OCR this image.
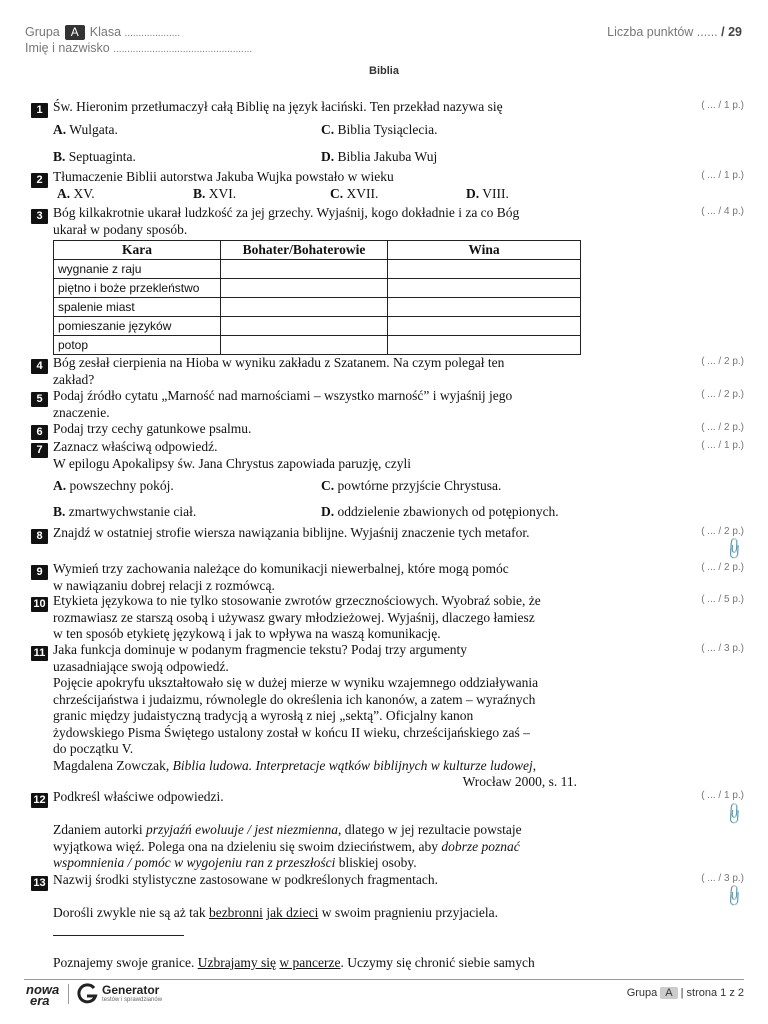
Grupa A Klasa ....................
Imię i nazwisko ..................................................
Liczba punktów ...... / 29
Biblia
1 Św. Hieronim przetłumaczył całą Biblię na język łaciński. Ten przekład nazywa się	( ... / 1 p.)
A. Wulgata.	C. Biblia Tysiąclecia.
B. Septuaginta.	D. Biblia Jakuba Wuj
2 Tłumaczenie Biblii autorstwa Jakuba Wujka powstało w wieku	( ... / 1 p.)
A. XV.	B. XVI.	C. XVII.	D. VIII.
3 Bóg kilkakrotnie ukarał ludzkość za jej grzechy. Wyjaśnij, kogo dokładnie i za co Bóg
ukarał w podany sposób.
( ... / 4 p.)
Kara	Bohater/Bohaterowie	Wina
wygnanie z raju		
piętno i boże przekleństwo		
spalenie miast		
pomieszanie języków		
potop		
4 Bóg zesłał cierpienia na Hioba w wyniku zakładu z Szatanem. Na czym polegał ten
zakład?
( ... / 2 p.)
5 Podaj źródło cytatu „Marność nad marnościami – wszystko marność” i wyjaśnij jego
znaczenie.
( ... / 2 p.)
6 Podaj trzy cechy gatunkowe psalmu.	( ... / 2 p.)
7 Zaznacz właściwą odpowiedź.
W epilogu Apokalipsy św. Jana Chrystus zapowiada paruzję, czyli
( ... / 1 p.)
A. powszechny pokój.	C. powtórne przyjście Chrystusa.
B. zmartwychwstanie ciał.	D. oddzielenie zbawionych od potępionych.
8 Znajdź w ostatniej strofie wiersza nawiązania biblijne. Wyjaśnij znaczenie tych metafor.	( ... / 2 p.)
📎
9 Wymień trzy zachowania należące do komunikacji niewerbalnej, które mogą pomóc
w nawiązaniu dobrej relacji z rozmówcą.
( ... / 2 p.)
10 Etykieta językowa to nie tylko stosowanie zwrotów grzecznościowych. Wyobraź sobie, że
rozmawiasz ze starszą osobą i używasz gwary młodzieżowej. Wyjaśnij, dlaczego łamiesz
w ten sposób etykietę językową i jak to wpływa na waszą komunikację.
( ... / 5 p.)
11 Jaka funkcja dominuje w podanym fragmencie tekstu? Podaj trzy argumenty
uzasadniające swoją odpowiedź.
( ... / 3 p.)
Pojęcie apokryfu ukształtowało się w dużej mierze w wyniku wzajemnego oddziaływania
chrześcijaństwa i judaizmu, równolegle do określenia ich kanonów, a zatem – wyraźnych
granic między judaistyczną tradycją a wyrosłą z niej „sektą”. Oficjalny kanon
żydowskiego Pisma Świętego ustalony został w końcu II wieku, chrześcijańskiego zaś –
do początku V.
Magdalena Zowczak, Biblia ludowa. Interpretacje wątków biblijnych w kulturze ludowej,
Wrocław 2000, s. 11.
12 Podkreśl właściwe odpowiedzi.	( ... / 1 p.)
📎
Zdaniem autorki przyjaźń ewoluuje / jest niezmienna, dlatego w jej rezultacie powstaje
wyjątkowa więź. Polega ona na dzieleniu się swoim dzieciństwem, aby dobrze poznać
wspomnienia / pomóc w wygojeniu ran z przeszłości bliskiej osoby.
13 Nazwij środki stylistyczne zastosowane w podkreślonych fragmentach.	( ... / 3 p.)
📎
Dorośli zwykle nie są aż tak bezbronni jak dzieci w swoim pragnieniu przyjaciela.
Poznajemy swoje granice. Uzbrajamy się w pancerze. Uczymy się chronić siebie samych
nowa
era
Generator
testów i sprawdzianów
Grupa A | strona 1 z 2
